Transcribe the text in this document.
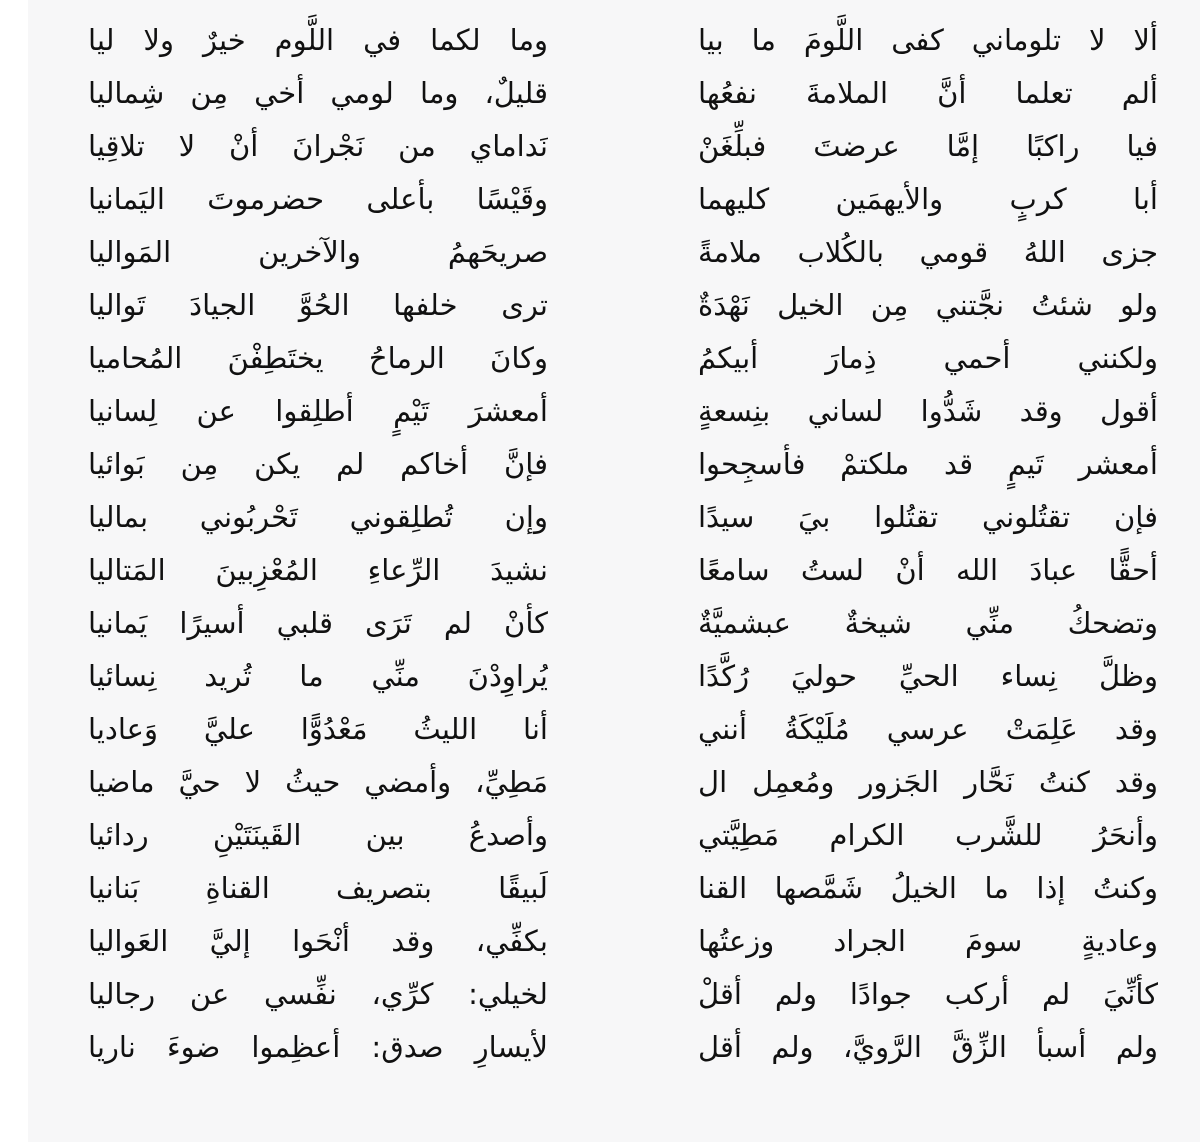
ألا لا تلوماني كفى اللَّومَ ما بيا
وما لكما في اللَّوم خيرٌ ولا ليا
ألم تعلما أنَّ الملامةَ نفعُها
قليلٌ، وما لومي أخي مِن شِماليا
فيا راكبًا إمَّا عرضتَ فبلِّغَنْ
نَداماي من نَجْرانَ أنْ لا تلاقِيا
أبا كربٍ والأيهمَين كليهما
وقَيْسًا بأعلى حضرموتَ اليَمانيا
جزى اللهُ قومي بالكُلاب ملامةً
صريحَهمُ والآخرين المَواليا
ولو شئتُ نجَّتني مِن الخيل نَهْدَةٌ
ترى خلفها الحُوَّ الجيادَ تَواليا
ولكنني أحمي ذِمارَ أبيكمُ
وكانَ الرماحُ يختَطِفْنَ المُحاميا
أقول وقد شَدُّوا لساني بنِسعةٍ
أمعشرَ تَيْمٍ أطلِقوا عن لِسانيا
أمعشر تَيمٍ قد ملكتمْ فأسجِحوا
فإنَّ أخاكم لم يكن مِن بَوائيا
فإن تقتُلوني تقتُلوا بيَ سيدًا
وإن تُطلِقوني تَحْربُوني بماليا
أحقًّا عبادَ الله أنْ لستُ سامعًا
نشيدَ الرِّعاءِ المُعْزِبينَ المَتاليا
وتضحكُ منِّي شيخةٌ عبشميَّةٌ
كأنْ لم تَرَى قلبي أسيرًا يَمانيا
وظلَّ نِساء الحيِّ حوليَ رُكَّدًا
يُراوِدْنَ منِّي ما تُريد نِسائيا
وقد عَلِمَتْ عرسي مُلَيْكَةُ أنني
أنا الليثُ مَعْدُوًّا عليَّ وَعاديا
وقد كنتُ نَحَّار الجَزور ومُعمِل ال
مَطِيِّ، وأمضي حيثُ لا حيَّ ماضيا
وأنحَرُ للشَّرب الكرام مَطِيَّتي
وأصدعُ بين القَينَتَيْنِ ردائيا
وكنتُ إذا ما الخيلُ شَمَّصها القنا
لَبيقًا بتصريف القناةِ بَنانيا
وعاديةٍ سومَ الجراد وزعتُها
بكفِّي، وقد أنْحَوا إليَّ العَواليا
كأنِّيَ لم أركب جوادًا ولم أقلْ
لخيلي: كرِّي، نفِّسي عن رجاليا
ولم أسبأ الزِّقَّ الرَّويَّ، ولم أقل
لأيسارِ صدق: أعظِموا ضوءَ ناريا
